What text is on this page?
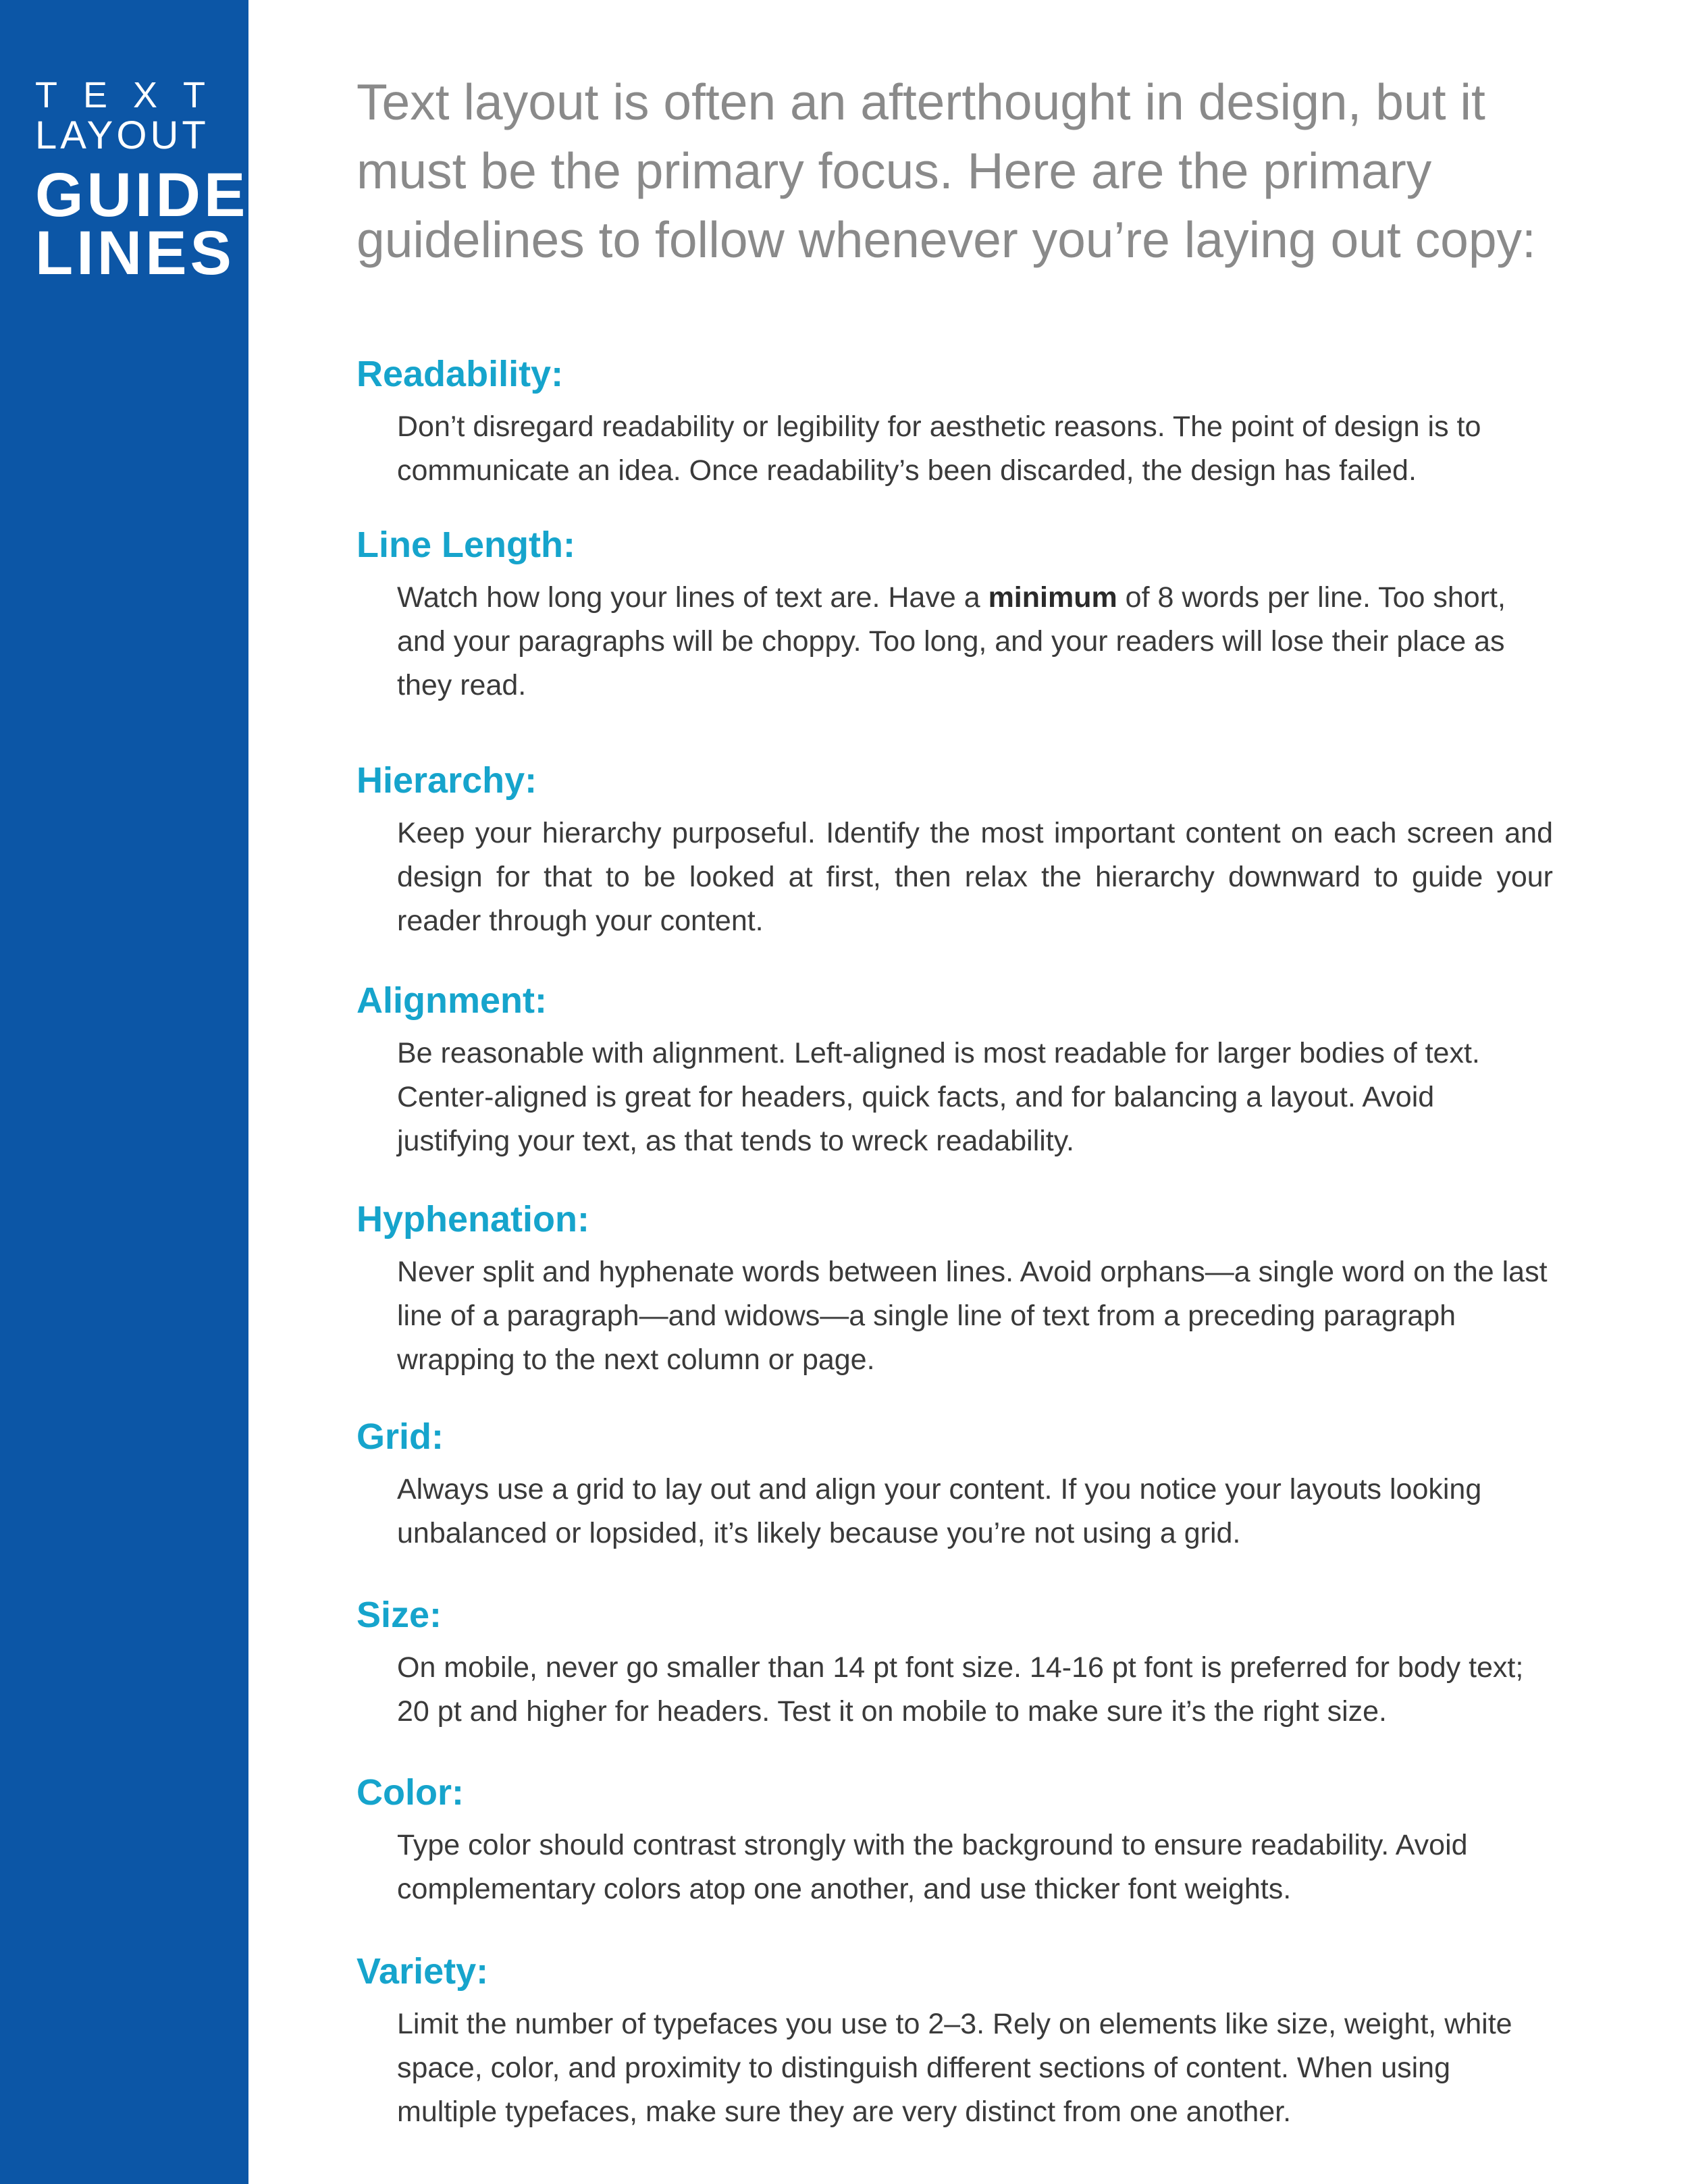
TEXT
LAYOUT
GUIDE
LINES

Text layout is often an afterthought in design, but it must be the primary focus. Here are the primary guidelines to follow whenever you’re laying out copy:

Readability:

Don’t disregard readability or legibility for aesthetic reasons. The point of design is to communicate an idea. Once readability’s been discarded, the design has failed.

Line Length:

Watch how long your lines of text are. Have a minimum of 8 words per line. Too short, and your paragraphs will be choppy. Too long, and your readers will lose their place as they read.

Hierarchy:

Keep your hierarchy purposeful. Identify the most important content on each screen and design for that to be looked at first, then relax the hierarchy downward to guide your reader through your content.

Alignment:

Be reasonable with alignment. Left-aligned is most readable for larger bodies of text. Center-aligned is great for headers, quick facts, and for balancing a layout. Avoid justifying your text, as that tends to wreck readability.

Hyphenation:

Never split and hyphenate words between lines. Avoid orphans—a single word on the last line of a paragraph—and widows—a single line of text from a preceding paragraph wrapping to the next column or page.

Grid:

Always use a grid to lay out and align your content. If you notice your layouts looking unbalanced or lopsided, it’s likely because you’re not using a grid.

Size:

On mobile, never go smaller than 14 pt font size. 14-16 pt font is preferred for body text; 20 pt and higher for headers. Test it on mobile to make sure it’s the right size.

Color:

Type color should contrast strongly with the background to ensure readability. Avoid complementary colors atop one another, and use thicker font weights.

Variety:

Limit the number of typefaces you use to 2–3. Rely on elements like size, weight, white space, color, and proximity to distinguish different sections of content. When using multiple typefaces, make sure they are very distinct from one another.
